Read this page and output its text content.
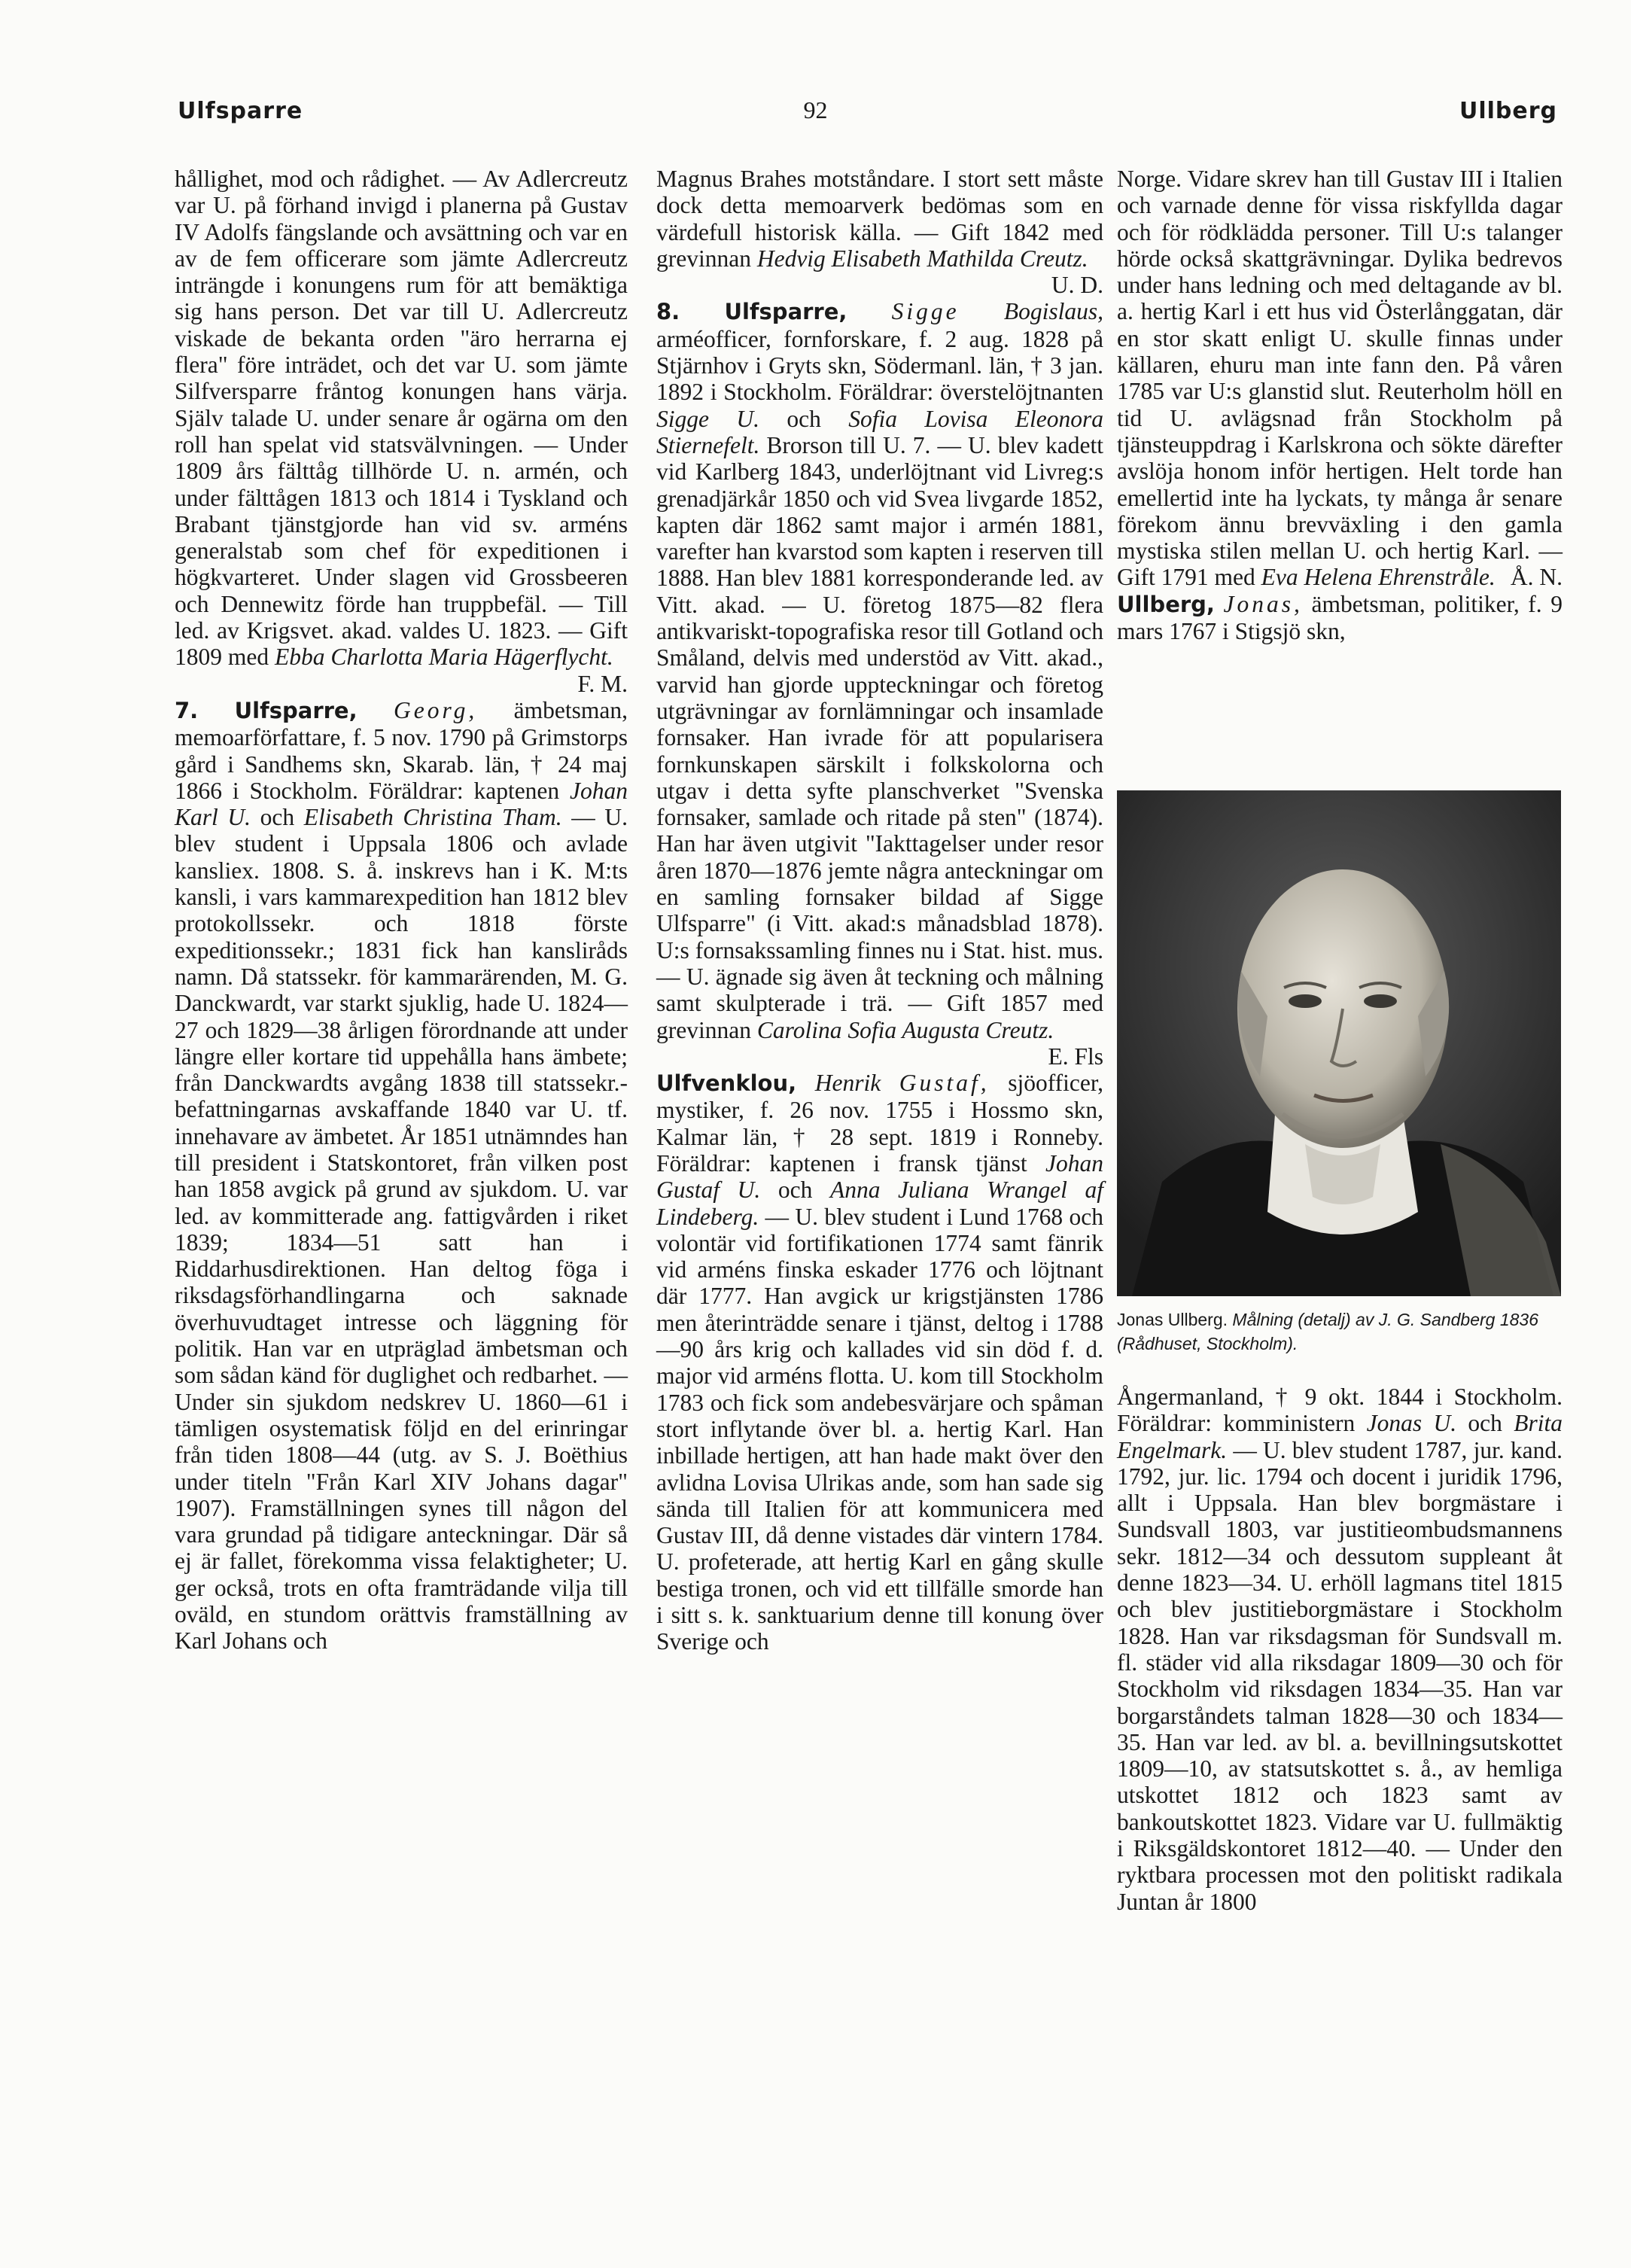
Ulfsparre	92	Ullberg

hållighet, mod och rådighet. — Av Adlercreutz var U. på förhand invigd i planerna på Gustav IV Adolfs fängslande och avsättning och var en av de fem officerare som jämte Adlercreutz inträngde i konungens rum för att bemäktiga sig hans person. Det var till U. Adlercreutz viskade de bekanta orden "äro herrarna ej flera" före inträdet, och det var U. som jämte Silfversparre fråntog konungen hans värja. Själv talade U. under senare år ogärna om den roll han spelat vid statsvälvningen. — Under 1809 års fälttåg tillhörde U. n. armén, och under fälttågen 1813 och 1814 i Tyskland och Brabant tjänstgjorde han vid sv. arméns generalstab som chef för expeditionen i högkvarteret. Under slagen vid Grossbeeren och Dennewitz förde han truppbefäl. — Till led. av Krigsvet. akad. valdes U. 1823. — Gift 1809 med Ebba Charlotta Maria Hägerflycht.
F. M.

7. Ulfsparre, Georg, ämbetsman, memoarförfattare, f. 5 nov. 1790 på Grimstorps gård i Sandhems skn, Skarab. län, † 24 maj 1866 i Stockholm. Föräldrar: kaptenen Johan Karl U. och Elisabeth Christina Tham. — U. blev student i Uppsala 1806 och avlade kansliex. 1808. S. å. inskrevs han i K. M:ts kansli, i vars kammarexpedition han 1812 blev protokollssekr. och 1818 förste expeditionssekr.; 1831 fick han kansliråds namn. Då statssekr. för kammarärenden, M. G. Danckwardt, var starkt sjuklig, hade U. 1824—27 och 1829—38 årligen förordnande att under längre eller kortare tid uppehålla hans ämbete; från Danckwardts avgång 1838 till statssekr.-befattningarnas avskaffande 1840 var U. tf. innehavare av ämbetet. År 1851 utnämndes han till president i Statskontoret, från vilken post han 1858 avgick på grund av sjukdom. U. var led. av kommitterade ang. fattigvården i riket 1839; 1834—51 satt han i Riddarhusdirektionen. Han deltog föga i riksdagsförhandlingarna och saknade överhuvudtaget intresse och läggning för politik. Han var en utpräglad ämbetsman och som sådan känd för duglighet och redbarhet. — Under sin sjukdom nedskrev U. 1860—61 i tämligen osystematisk följd en del erinringar från tiden 1808—44 (utg. av S. J. Boëthius under titeln "Från Karl XIV Johans dagar" 1907). Framställningen synes till någon del vara grundad på tidigare anteckningar. Där så ej är fallet, förekomma vissa felaktigheter; U. ger också, trots en ofta framträdande vilja till oväld, en stundom orättvis framställning av Karl Johans och

Magnus Brahes motståndare. I stort sett måste dock detta memoarverk bedömas som en värdefull historisk källa. — Gift 1842 med grevinnan Hedvig Elisabeth Mathilda Creutz.
U. D.

8. Ulfsparre, Sigge Bogislaus, arméofficer, fornforskare, f. 2 aug. 1828 på Stjärnhov i Gryts skn, Södermanl. län, † 3 jan. 1892 i Stockholm. Föräldrar: överstelöjtnanten Sigge U. och Sofia Lovisa Eleonora Stiernefelt. Brorson till U. 7. — U. blev kadett vid Karlberg 1843, underlöjtnant vid Livreg:s grenadjärkår 1850 och vid Svea livgarde 1852, kapten där 1862 samt major i armén 1881, varefter han kvarstod som kapten i reserven till 1888. Han blev 1881 korresponderande led. av Vitt. akad. — U. företog 1875—82 flera antikvariskt-topografiska resor till Gotland och Småland, delvis med understöd av Vitt. akad., varvid han gjorde uppteckningar och företog utgrävningar av fornlämningar och insamlade fornsaker. Han ivrade för att popularisera fornkunskapen särskilt i folkskolorna och utgav i detta syfte planschverket "Svenska fornsaker, samlade och ritade på sten" (1874). Han har även utgivit "Iakttagelser under resor åren 1870—1876 jemte några anteckningar om en samling fornsaker bildad af Sigge Ulfsparre" (i Vitt. akad:s månadsblad 1878). U:s fornsakssamling finnes nu i Stat. hist. mus. — U. ägnade sig även åt teckning och målning samt skulpterade i trä. — Gift 1857 med grevinnan Carolina Sofia Augusta Creutz.
E. Fls

Ulfvenklou, Henrik Gustaf, sjöofficer, mystiker, f. 26 nov. 1755 i Hossmo skn, Kalmar län, † 28 sept. 1819 i Ronneby. Föräldrar: kaptenen i fransk tjänst Johan Gustaf U. och Anna Juliana Wrangel af Lindeberg. — U. blev student i Lund 1768 och volontär vid fortifikationen 1774 samt fänrik vid arméns finska eskader 1776 och löjtnant där 1777. Han avgick ur krigstjänsten 1786 men återinträdde senare i tjänst, deltog i 1788—90 års krig och kallades vid sin död f. d. major vid arméns flotta. U. kom till Stockholm 1783 och fick som andebesvärjare och spåman stort inflytande över bl. a. hertig Karl. Han inbillade hertigen, att han hade makt över den avlidna Lovisa Ulrikas ande, som han sade sig sända till Italien för att kommunicera med Gustav III, då denne vistades där vintern 1784. U. profeterade, att hertig Karl en gång skulle bestiga tronen, och vid ett tillfälle smorde han i sitt s. k. sanktuarium denne till konung över Sverige och

Norge. Vidare skrev han till Gustav III i Italien och varnade denne för vissa riskfyllda dagar och för rödklädda personer. Till U:s talanger hörde också skattgrävningar. Dylika bedrevos under hans ledning och med deltagande av bl. a. hertig Karl i ett hus vid Österlånggatan, där en stor skatt enligt U. skulle finnas under källaren, ehuru man inte fann den. På våren 1785 var U:s glanstid slut. Reuterholm höll en tid U. avlägsnad från Stockholm på tjänsteuppdrag i Karlskrona och sökte därefter avslöja honom inför hertigen. Helt torde han emellertid inte ha lyckats, ty många år senare förekom ännu brevväxling i den gamla mystiska stilen mellan U. och hertig Karl. — Gift 1791 med Eva Helena Ehrenstråle. Å. N.

Ullberg, Jonas, ämbetsman, politiker, f. 9 mars 1767 i Stigsjö skn,

Jonas Ullberg. Målning (detalj) av J. G. Sandberg 1836 (Rådhuset, Stockholm).

Ångermanland, † 9 okt. 1844 i Stockholm. Föräldrar: komministern Jonas U. och Brita Engelmark. — U. blev student 1787, jur. kand. 1792, jur. lic. 1794 och docent i juridik 1796, allt i Uppsala. Han blev borgmästare i Sundsvall 1803, var justitieombudsmannens sekr. 1812—34 och dessutom suppleant åt denne 1823—34. U. erhöll lagmans titel 1815 och blev justitieborgmästare i Stockholm 1828. Han var riksdagsman för Sundsvall m. fl. städer vid alla riksdagar 1809—30 och för Stockholm vid riksdagen 1834—35. Han var borgarståndets talman 1828—30 och 1834—35. Han var led. av bl. a. bevillningsutskottet 1809—10, av statsutskottet s. å., av hemliga utskottet 1812 och 1823 samt av bankoutskottet 1823. Vidare var U. fullmäktig i Riksgäldskontoret 1812—40. — Under den ryktbara processen mot den politiskt radikala Juntan år 1800
